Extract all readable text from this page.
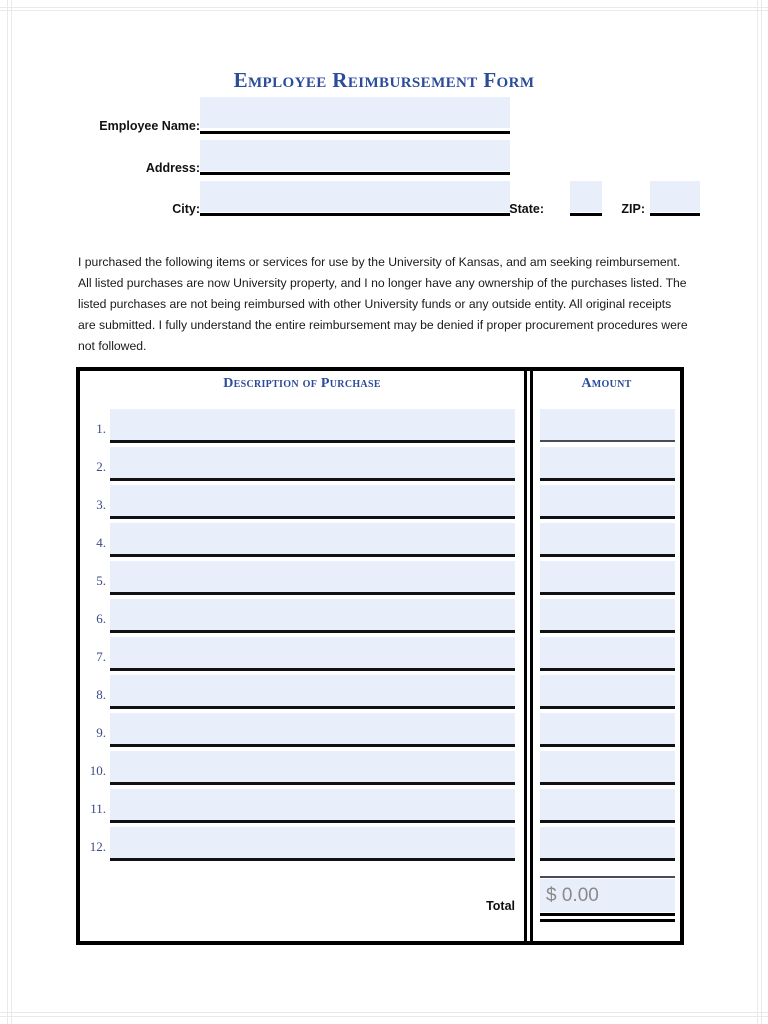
Employee Reimbursement Form
Employee Name:
Address:
City:	State:	ZIP:
I purchased the following items or services for use by the University of Kansas, and am seeking reimbursement. All listed purchases are now University property, and I no longer have any ownership of the purchases listed. The listed purchases are not being reimbursed with other University funds or any outside entity. All original receipts are submitted. I fully understand the entire reimbursement may be denied if proper procurement procedures were not followed.
Description of Purchase	Amount
1.
2.
3.
4.
5.
6.
7.
8.
9.
10.
11.
12.
Total $ 0.00
